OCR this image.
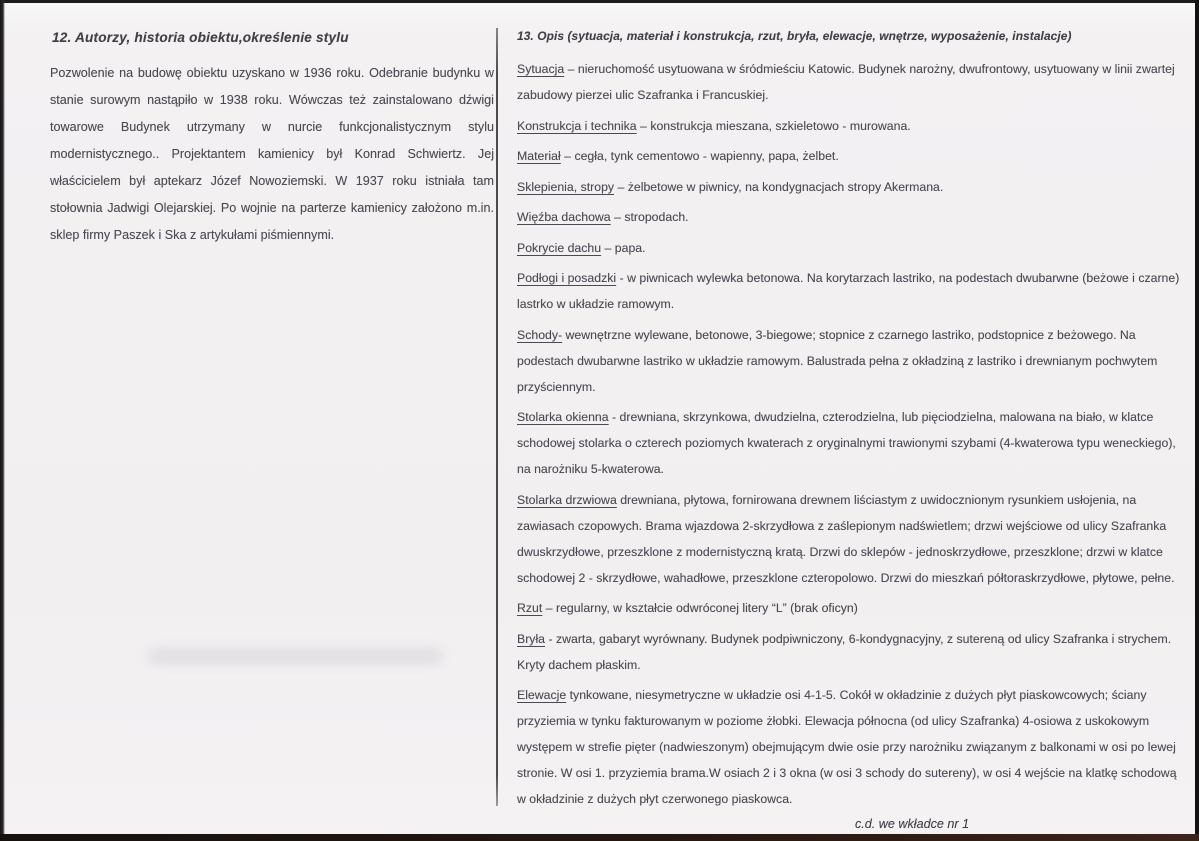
12. Autorzy, historia obiektu,określenie stylu

Pozwolenie na budowę obiektu uzyskano w 1936 roku. Odebranie budynku w stanie surowym nastąpiło w 1938 roku. Wówczas też zainstalowano dźwigi towarowe Budynek utrzymany w nurcie funkcjonalistycznym stylu modernistycznego.. Projektantem kamienicy był Konrad Schwiertz. Jej właścicielem był aptekarz Józef Nowoziemski. W 1937 roku istniała tam stołownia Jadwigi Olejarskiej. Po wojnie na parterze kamienicy założono m.in. sklep firmy Paszek i Ska z artykułami piśmiennymi.

13. Opis (sytuacja, materiał i konstrukcja, rzut, bryła, elewacje, wnętrze, wyposażenie, instalacje)

Sytuacja – nieruchomość usytuowana w śródmieściu Katowic. Budynek narożny, dwufrontowy, usytuowany w linii zwartej zabudowy pierzei ulic Szafranka i Francuskiej.

Konstrukcja i technika – konstrukcja mieszana, szkieletowo - murowana.

Materiał – cegła, tynk cementowo - wapienny, papa, żelbet.

Sklepienia, stropy – żelbetowe w piwnicy, na kondygnacjach stropy Akermana.

Więźba dachowa – stropodach.

Pokrycie dachu – papa.

Podłogi i posadzki - w piwnicach wylewka betonowa. Na korytarzach lastriko, na podestach dwubarwne (beżowe i czarne) lastrko w układzie ramowym.

Schody- wewnętrzne wylewane, betonowe, 3-biegowe; stopnice z czarnego lastriko, podstopnice z beżowego. Na podestach dwubarwne lastriko w układzie ramowym. Balustrada pełna z okładziną z lastriko i drewnianym pochwytem przyściennym.

Stolarka okienna - drewniana, skrzynkowa, dwudzielna, czterodzielna, lub pięciodzielna, malowana na biało, w klatce schodowej stolarka o czterech poziomych kwaterach z oryginalnymi trawionymi szybami (4-kwaterowa typu weneckiego), na narożniku 5-kwaterowa.

Stolarka drzwiowa drewniana, płytowa, fornirowana drewnem liściastym z uwidocznionym rysunkiem usłojenia, na zawiasach czopowych. Brama wjazdowa 2-skrzydłowa z zaślepionym nadświetlem; drzwi wejściowe od ulicy Szafranka dwuskrzydłowe, przeszklone z modernistyczną kratą. Drzwi do sklepów - jednoskrzydłowe, przeszklone; drzwi w klatce schodowej 2 - skrzydłowe, wahadłowe, przeszklone czteropolowo. Drzwi do mieszkań półtoraskrzydłowe, płytowe, pełne.

Rzut – regularny, w kształcie odwróconej litery “L” (brak oficyn)

Bryła - zwarta, gabaryt wyrównany. Budynek podpiwniczony, 6-kondygnacyjny, z sutereną od ulicy Szafranka i strychem. Kryty dachem płaskim.

Elewacje tynkowane, niesymetryczne w układzie osi 4-1-5. Cokół w okładzinie z dużych płyt piaskowcowych; ściany przyziemia w tynku fakturowanym w poziome żłobki. Elewacja północna (od ulicy Szafranka) 4-osiowa z uskokowym występem w strefie pięter (nadwieszonym) obejmującym dwie osie przy narożniku związanym z balkonami w osi po lewej stronie. W osi 1. przyziemia brama.W osiach 2 i 3 okna (w osi 3 schody do sutereny), w osi 4 wejście na klatkę schodową w okładzinie z dużych płyt czerwonego piaskowca.

c.d. we wkładce nr 1
